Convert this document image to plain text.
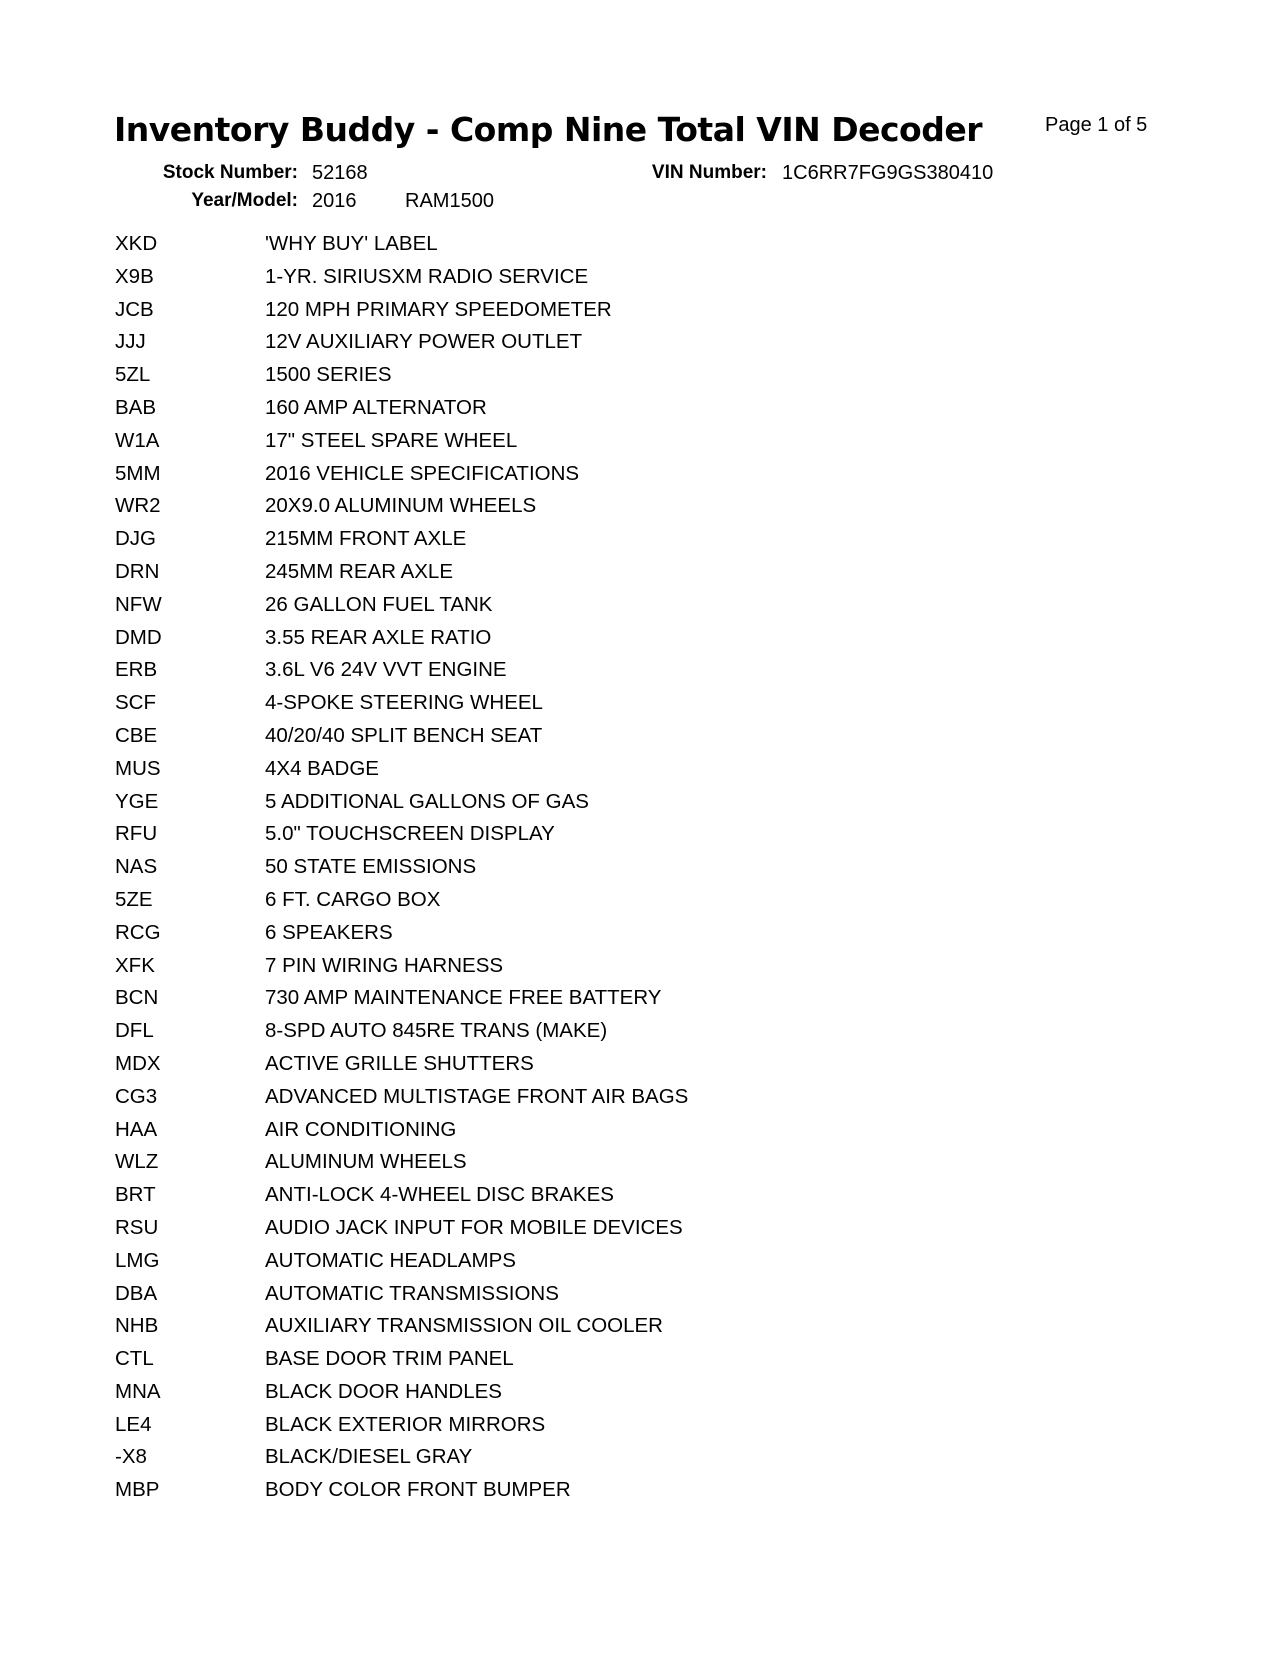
Inventory Buddy - Comp Nine Total VIN Decoder	Page 1 of 5
Stock Number: 52168	VIN Number: 1C6RR7FG9GS380410
Year/Model: 2016 RAM1500
XKD	'WHY BUY' LABEL
X9B	1-YR. SIRIUSXM RADIO SERVICE
JCB	120 MPH PRIMARY SPEEDOMETER
JJJ	12V AUXILIARY POWER OUTLET
5ZL	1500 SERIES
BAB	160 AMP ALTERNATOR
W1A	17" STEEL SPARE WHEEL
5MM	2016 VEHICLE SPECIFICATIONS
WR2	20X9.0 ALUMINUM WHEELS
DJG	215MM FRONT AXLE
DRN	245MM REAR AXLE
NFW	26 GALLON FUEL TANK
DMD	3.55 REAR AXLE RATIO
ERB	3.6L V6 24V VVT ENGINE
SCF	4-SPOKE STEERING WHEEL
CBE	40/20/40 SPLIT BENCH SEAT
MUS	4X4 BADGE
YGE	5 ADDITIONAL GALLONS OF GAS
RFU	5.0" TOUCHSCREEN DISPLAY
NAS	50 STATE EMISSIONS
5ZE	6 FT. CARGO BOX
RCG	6 SPEAKERS
XFK	7 PIN WIRING HARNESS
BCN	730 AMP MAINTENANCE FREE BATTERY
DFL	8-SPD AUTO 845RE TRANS (MAKE)
MDX	ACTIVE GRILLE SHUTTERS
CG3	ADVANCED MULTISTAGE FRONT AIR BAGS
HAA	AIR CONDITIONING
WLZ	ALUMINUM WHEELS
BRT	ANTI-LOCK 4-WHEEL DISC BRAKES
RSU	AUDIO JACK INPUT FOR MOBILE DEVICES
LMG	AUTOMATIC HEADLAMPS
DBA	AUTOMATIC TRANSMISSIONS
NHB	AUXILIARY TRANSMISSION OIL COOLER
CTL	BASE DOOR TRIM PANEL
MNA	BLACK DOOR HANDLES
LE4	BLACK EXTERIOR MIRRORS
-X8	BLACK/DIESEL GRAY
MBP	BODY COLOR FRONT BUMPER
